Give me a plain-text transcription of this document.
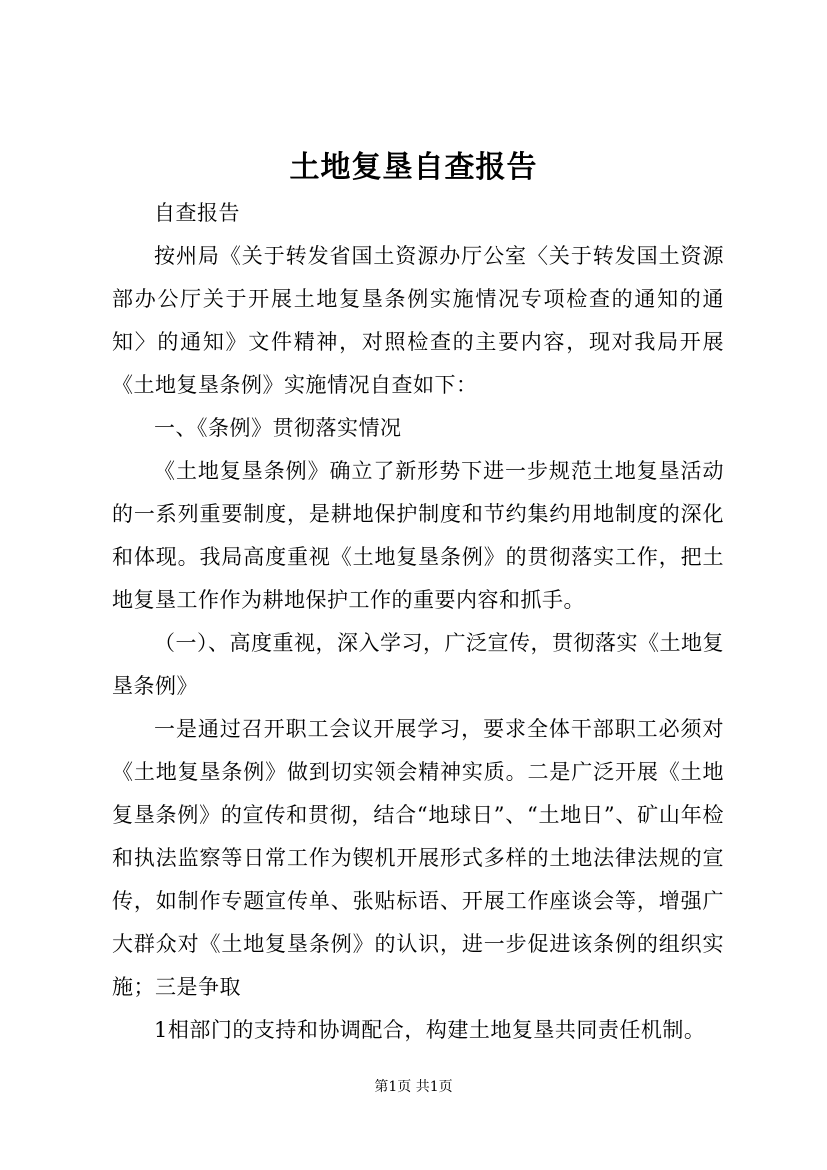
土地复垦自查报告

自查报告

按州局《关于转发省国土资源办厅公室〈关于转发国土资源部办公厅关于开展土地复垦条例实施情况专项检查的通知的通知〉的通知》文件精神，对照检查的主要内容，现对我局开展《土地复垦条例》实施情况自查如下：

一、《条例》贯彻落实情况

《土地复垦条例》确立了新形势下进一步规范土地复垦活动的一系列重要制度，是耕地保护制度和节约集约用地制度的深化和体现。我局高度重视《土地复垦条例》的贯彻落实工作，把土地复垦工作作为耕地保护工作的重要内容和抓手。

（一）、高度重视，深入学习，广泛宣传，贯彻落实《土地复垦条例》

一是通过召开职工会议开展学习，要求全体干部职工必须对《土地复垦条例》做到切实领会精神实质。二是广泛开展《土地复垦条例》的宣传和贯彻，结合“地球日”、“土地日”、矿山年检和执法监察等日常工作为锲机开展形式多样的土地法律法规的宣传，如制作专题宣传单、张贴标语、开展工作座谈会等，增强广大群众对《土地复垦条例》的认识，进一步促进该条例的组织实施；三是争取

1相部门的支持和协调配合，构建土地复垦共同责任机制。

第1页 共1页
